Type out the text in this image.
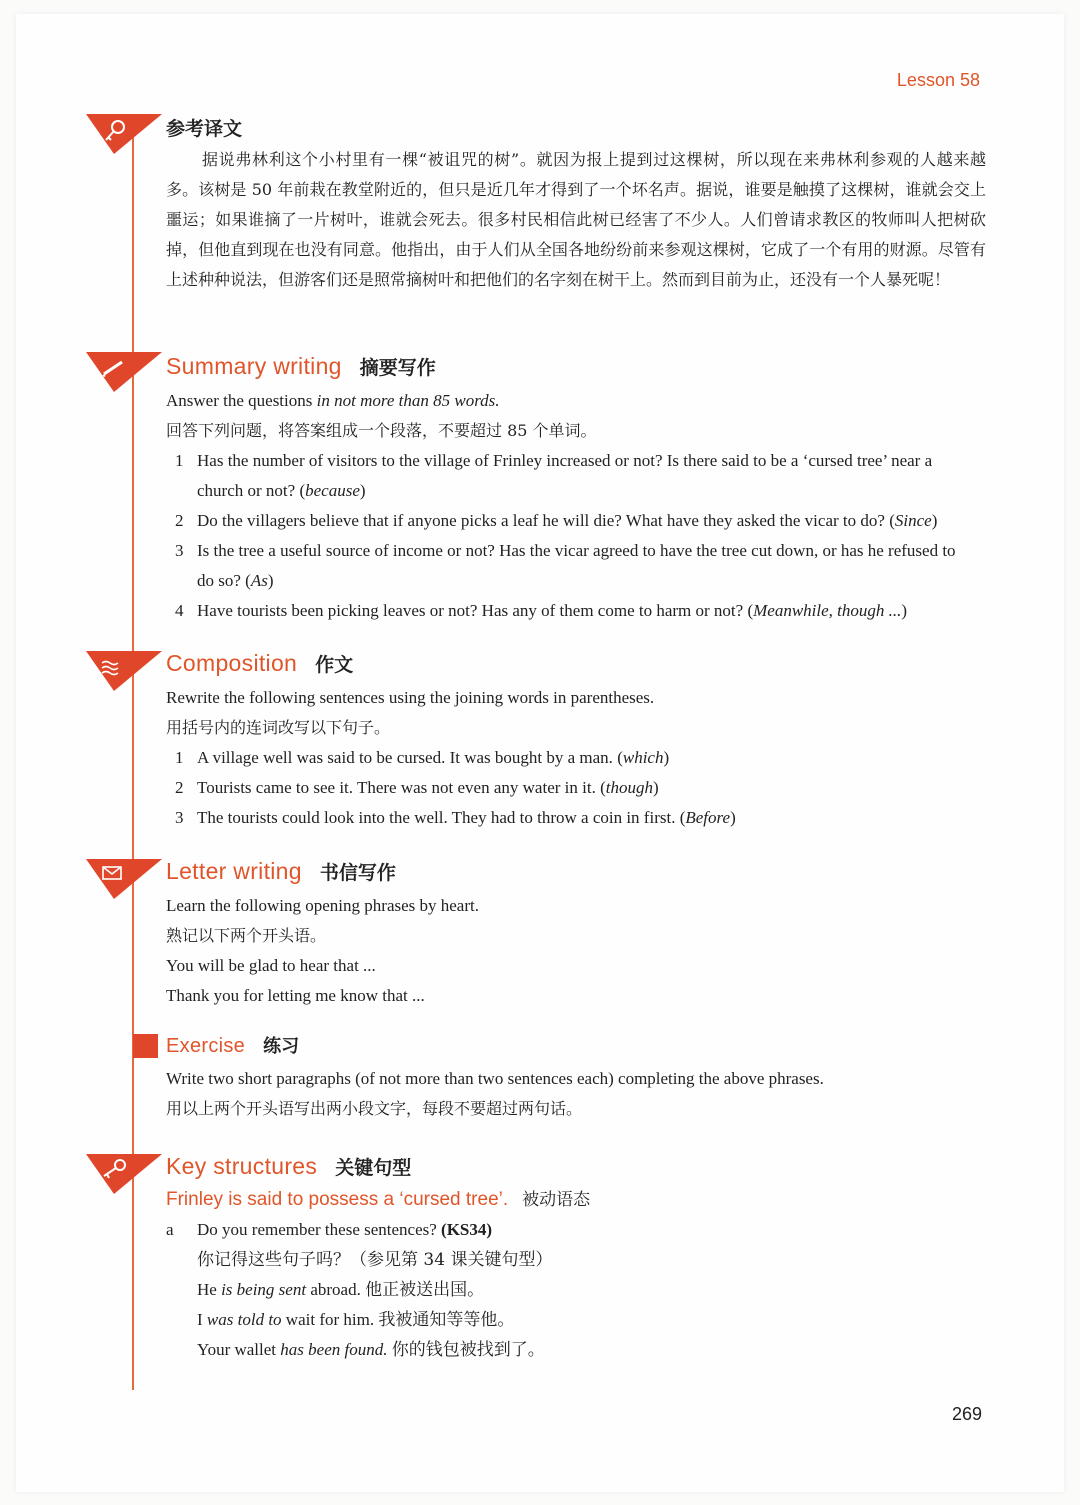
Lesson 58
参考译文

据说弗林利这个小村里有一棵“被诅咒的树”。就因为报上提到过这棵树，所以现在来弗林利参观的人越来越多。该树是 50 年前栽在教堂附近的，但只是近几年才得到了一个坏名声。据说，谁要是触摸了这棵树，谁就会交上噩运；如果谁摘了一片树叶，谁就会死去。很多村民相信此树已经害了不少人。人们曾请求教区的牧师叫人把树砍掉，但他直到现在也没有同意。他指出，由于人们从全国各地纷纷前来参观这棵树，它成了一个有用的财源。尽管有上述种种说法，但游客们还是照常摘树叶和把他们的名字刻在树干上。然而到目前为止，还没有一个人暴死呢！

Summary writing 摘要写作
Answer the questions in not more than 85 words.
回答下列问题，将答案组成一个段落，不要超过 85 个单词。
1 Has the number of visitors to the village of Frinley increased or not? Is there said to be a ‘cursed tree’ near a church or not? (because)
2 Do the villagers believe that if anyone picks a leaf he will die? What have they asked the vicar to do? (Since)
3 Is the tree a useful source of income or not? Has the vicar agreed to have the tree cut down, or has he refused to do so? (As)
4 Have tourists been picking leaves or not? Has any of them come to harm or not? (Meanwhile, though ...)
Composition 作文
Rewrite the following sentences using the joining words in parentheses.
用括号内的连词改写以下句子。
1 A village well was said to be cursed. It was bought by a man. (which)
2 Tourists came to see it. There was not even any water in it. (though)
3 The tourists could look into the well. They had to throw a coin in first. (Before)
Letter writing 书信写作
Learn the following opening phrases by heart.
熟记以下两个开头语。
You will be glad to hear that ...
Thank you for letting me know that ...
Exercise 练习
Write two short paragraphs (of not more than two sentences each) completing the above phrases.
用以上两个开头语写出两小段文字，每段不要超过两句话。
Key structures 关键句型
Frinley is said to possess a ‘cursed tree’. 被动语态
a Do you remember these sentences? (KS34)
你记得这些句子吗？（参见第 34 课关键句型）
He is being sent abroad. 他正被送出国。
I was told to wait for him. 我被通知等等他。
Your wallet has been found. 你的钱包被找到了。
269
